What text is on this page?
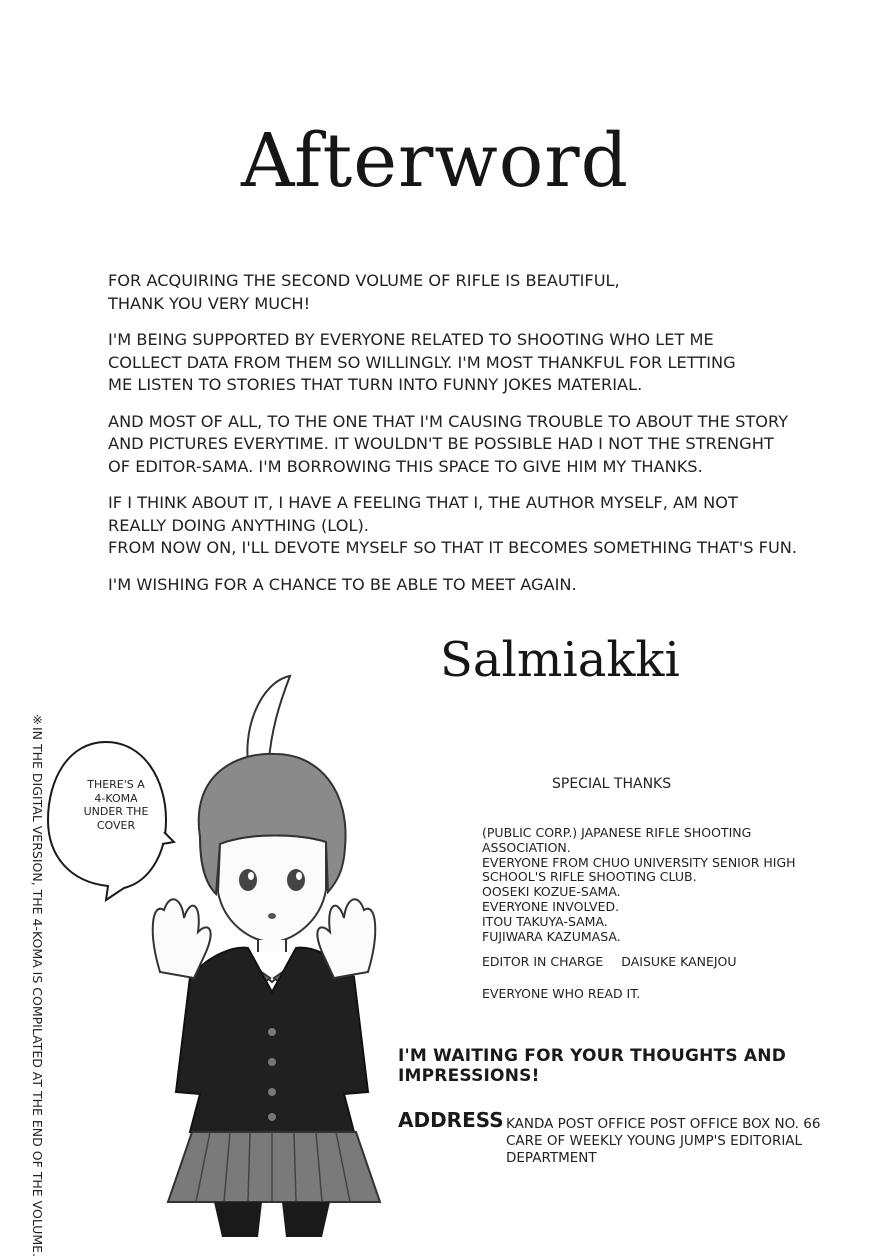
Afterword

FOR ACQUIRING THE SECOND VOLUME OF RIFLE IS BEAUTIFUL,
THANK YOU VERY MUCH!

I'M BEING SUPPORTED BY EVERYONE RELATED TO SHOOTING WHO LET ME
COLLECT DATA FROM THEM SO WILLINGLY. I'M MOST THANKFUL FOR LETTING
ME LISTEN TO STORIES THAT TURN INTO FUNNY JOKES MATERIAL.

AND MOST OF ALL, TO THE ONE THAT I'M CAUSING TROUBLE TO ABOUT THE STORY
AND PICTURES EVERYTIME. IT WOULDN'T BE POSSIBLE HAD I NOT THE STRENGHT
OF EDITOR-SAMA. I'M BORROWING THIS SPACE TO GIVE HIM MY THANKS.

IF I THINK ABOUT IT, I HAVE A FEELING THAT I, THE AUTHOR MYSELF, AM NOT
REALLY DOING ANYTHING (LOL).
FROM NOW ON, I'LL DEVOTE MYSELF SO THAT IT BECOMES SOMETHING THAT'S FUN.

I'M WISHING FOR A CHANCE TO BE ABLE TO MEET AGAIN.

Salmiakki
※IN THE DIGITAL VERSION, THE 4-KOMA IS COMPILATED AT THE END OF THE VOLUME.	THERE'S A
4-KOMA
UNDER THE
COVER
SPECIAL THANKS
(PUBLIC CORP.) JAPANESE RIFLE SHOOTING ASSOCIATION.
EVERYONE FROM CHUO UNIVERSITY SENIOR HIGH
SCHOOL'S RIFLE SHOOTING CLUB.
OOSEKI KOZUE-SAMA.
EVERYONE INVOLVED.
ITOU TAKUYA-SAMA.
FUJIWARA KAZUMASA.
EDITOR IN CHARGE DAISUKE KANEJOU
EVERYONE WHO READ IT.
I'M WAITING FOR YOUR THOUGHTS AND IMPRESSIONS!
ADDRESS KANDA POST OFFICE POST OFFICE BOX NO. 66
CARE OF WEEKLY YOUNG JUMP'S EDITORIAL
DEPARTMENT
